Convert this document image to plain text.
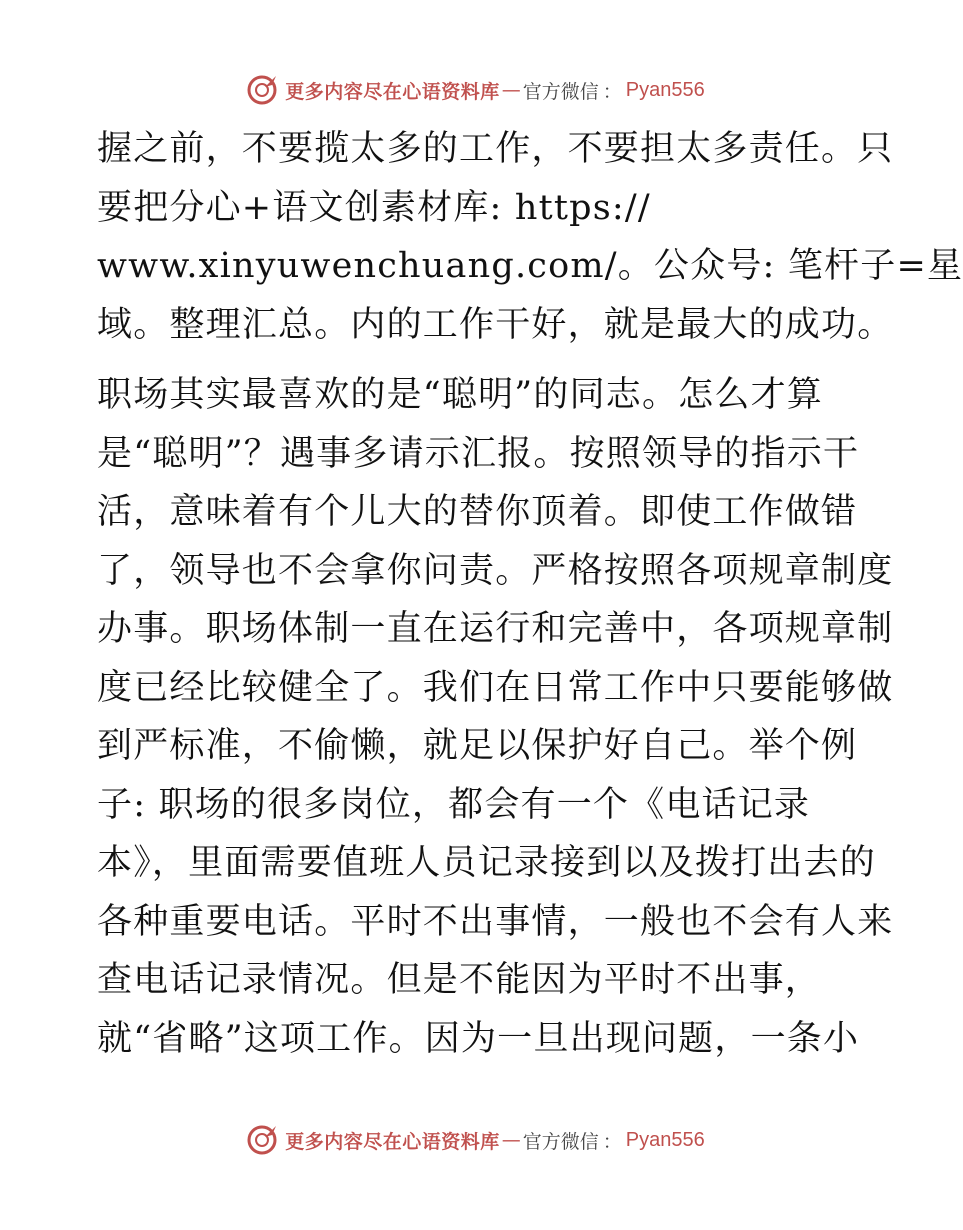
更多内容尽在心语资料库 — 官方微信 ： Pyan556
握之前，不要揽太多的工作，不要担太多责任。只
要把分心+语文创素材库: https://
www.xinyuwenchuang.com/。公众号: 笔杆子=星
域。整理汇总。内的工作干好，就是最大的成功。
职场其实最喜欢的是“聪明”的同志。怎么才算
是“聪明”？遇事多请示汇报。按照领导的指示干
活，意味着有个儿大的替你顶着。即使工作做错
了，领导也不会拿你问责。严格按照各项规章制度
办事。职场体制一直在运行和完善中，各项规章制
度已经比较健全了。我们在日常工作中只要能够做
到严标准，不偷懒，就足以保护好自己。举个例
子: 职场的很多岗位，都会有一个《电话记录
本》，里面需要值班人员记录接到以及拨打出去的
各种重要电话。平时不出事情，一般也不会有人来
查电话记录情况。但是不能因为平时不出事，
就“省略”这项工作。因为一旦出现问题，一条小
更多内容尽在心语资料库 — 官方微信 ： Pyan556
